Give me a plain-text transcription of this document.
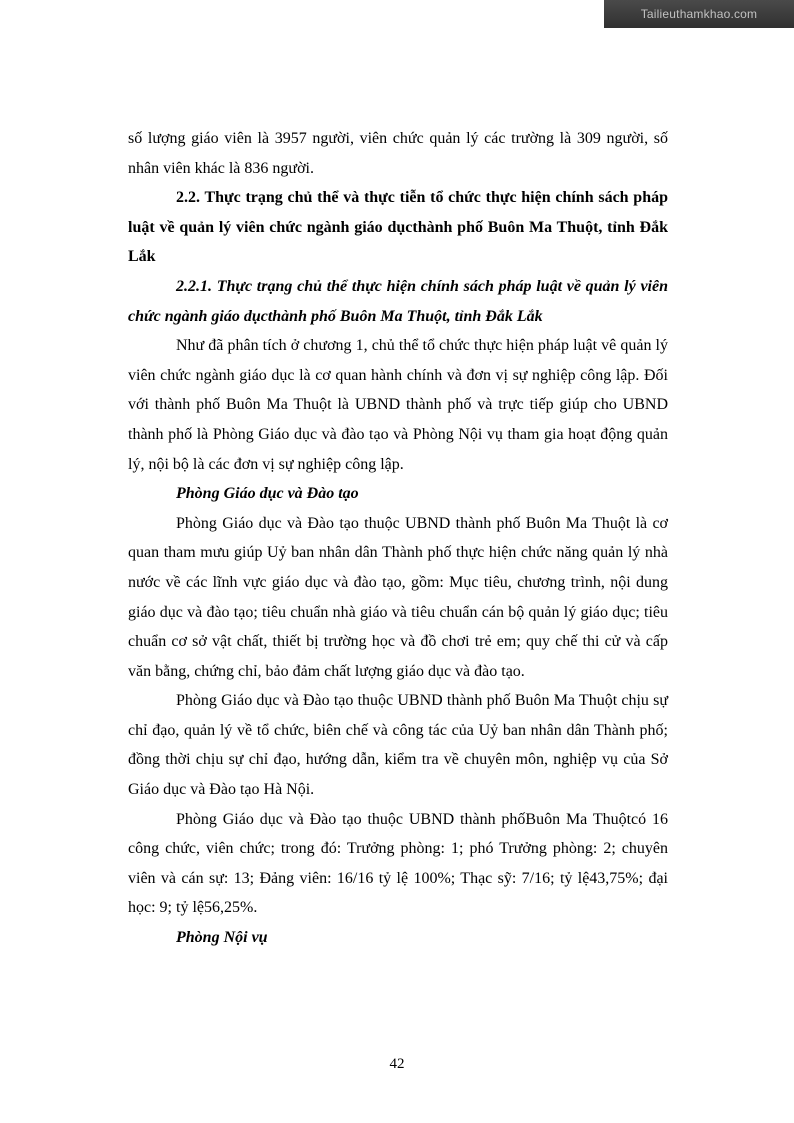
Tailieuthamkhao.com

số lượng giáo viên là 3957 người, viên chức quản lý các trường là 309 người, số nhân viên khác là 836 người.

2.2. Thực trạng chủ thể và thực tiễn tổ chức thực hiện chính sách pháp luật về quản lý viên chức ngành giáo dụcthành phố Buôn Ma Thuột, tỉnh Đắk Lắk

2.2.1. Thực trạng chủ thể thực hiện chính sách pháp luật về quản lý viên chức ngành giáo dụcthành phố Buôn Ma Thuột, tỉnh Đắk Lắk

Như đã phân tích ở chương 1, chủ thể tổ chức thực hiện pháp luật vê quản lý viên chức ngành giáo dục là cơ quan hành chính và đơn vị sự nghiệp công lập. Đối với thành phố Buôn Ma Thuột là UBND thành phố và trực tiếp giúp cho UBND thành phố là Phòng Giáo dục và đào tạo và Phòng Nội vụ tham gia hoạt động quản lý, nội bộ là các đơn vị sự nghiệp công lập.

Phòng Giáo dục và Đào tạo

Phòng Giáo dục và Đào tạo thuộc UBND thành phố Buôn Ma Thuột là cơ quan tham mưu giúp Uỷ ban nhân dân Thành phố thực hiện chức năng quản lý nhà nước về các lĩnh vực giáo dục và đào tạo, gồm: Mục tiêu, chương trình, nội dung giáo dục và đào tạo; tiêu chuẩn nhà giáo và tiêu chuẩn cán bộ quản lý giáo dục; tiêu chuẩn cơ sở vật chất, thiết bị trường học và đồ chơi trẻ em; quy chế thi cử và cấp văn bằng, chứng chỉ, bảo đảm chất lượng giáo dục và đào tạo.

Phòng Giáo dục và Đào tạo thuộc UBND thành phố Buôn Ma Thuột chịu sự chỉ đạo, quản lý về tổ chức, biên chế và công tác của Uỷ ban nhân dân Thành phố; đồng thời chịu sự chỉ đạo, hướng dẫn, kiểm tra về chuyên môn, nghiệp vụ của Sở Giáo dục và Đào tạo Hà Nội.

Phòng Giáo dục và Đào tạo thuộc UBND thành phốBuôn Ma Thuộtcó 16 công chức, viên chức; trong đó: Trưởng phòng: 1; phó Trưởng phòng: 2; chuyên viên và cán sự: 13; Đảng viên: 16/16 tỷ lệ 100%; Thạc sỹ: 7/16; tỷ lệ43,75%; đại học: 9; tỷ lệ56,25%.

Phòng Nội vụ

42
